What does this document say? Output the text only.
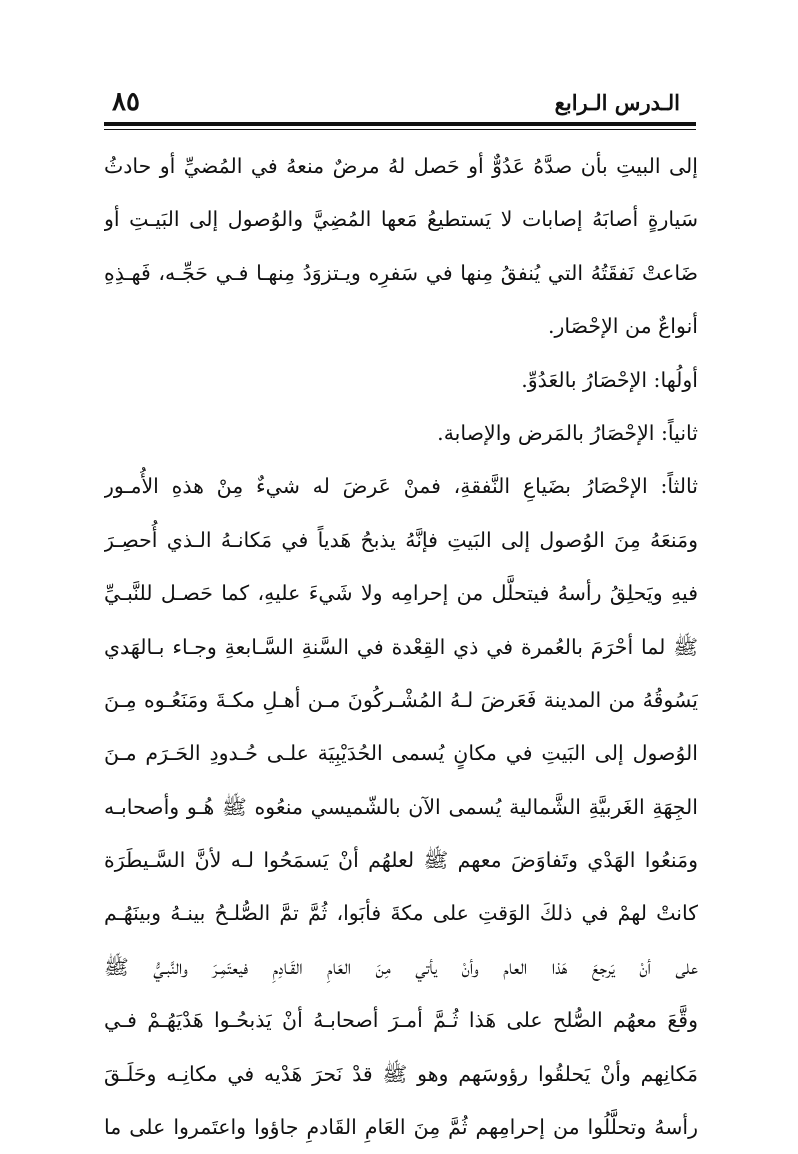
٨٥	الـدرس الـرابع
إلى البيتِ بأن صدَّهُ عَدُوٌّ أو حَصل لهُ مرضٌ منعهُ في المُضيِّ أو حادثُ
سَيارةٍ أصابَهُ إصابات لا يَستطيعُ مَعها المُضِيَّ والوُصول إلى البَيـتِ أو
ضَاعتْ نَفقَتُهُ التي يُنفقُ مِنها في سَفرِه ويـتزوَدُ مِنهـا فـي حَجِّـه، فَهـذِهِ
أنواعٌ من الإحْصَار.
أولُها: الإحْصَارُ بالعَدُوِّ.
ثانياً: الإحْصَارُ بالمَرض والإصابة.
ثالثاً: الإحْصَارُ بضَياعِ النَّفقةِ، فمنْ عَرضَ له شيءٌ مِنْ هذهِ الأُمـور
ومَنعَهُ مِنَ الوُصول إلى البَيتِ فإنَّهُ يذبحُ هَدياً في مَكانـهُ الـذي أُحصِـرَ
فيهِ ويَحلِقُ رأسهُ فيتحلَّل من إحرامِه ولا شَيءَ عليهِ، كما حَصـل للنَّبـيِّ
ﷺ لما أحْرَمَ بالعُمرة في ذي القِعْدة في السَّنةِ السَّـابعةِ وجـاء بـالهَدي
يَسُوقُهُ من المدينة فَعَرضَ لـهُ المُشْـركُونَ مـن أهـلِ مكـةَ ومَنَعُـوه مِـنَ
الوُصول إلى البَيتِ في مكانٍ يُسمى الحُدَيْبِيَة علـى حُـدودِ الحَـرَم مـنَ
الجِهَةِ الغَربيَّةِ الشَّمالية يُسمى الآن بالشّميسي منعُوه ﷺ هُـو وأصحابـه
ومَنعُوا الهَدْي وتَفاوَضَ معهم ﷺ لعلهُم أنْ يَسمَحُوا لـه لأنَّ السَّـيطَرَة
كانتْ لهمْ في ذلكَ الوَقتِ على مكةَ فأبَوا، ثُمَّ تمَّ الصُّلـحُ بينـهُ وبينَهُـم
على أنْ يَرجعَ هَذا العام وأنْ يأتي مِنَ العَامِ القَـادِمِ فيعتَمِـرَ والنَّبـيُّ ﷺ
وقَّعَ معهُم الصُّلح على هَذا ثُـمَّ أمـرَ أصحابـهُ أنْ يَذبحُـوا هَدْيَهُـمْ فـي
مَكانِهم وأنْ يَحلقُوا رؤوسَهم وهو ﷺ قدْ نَحرَ هَدْيه في مكانِـه وحَلَـقَ
رأسهُ وتحلَّلُوا من إحرامِهم ثُمَّ مِنَ العَامِ القَادمِ جاؤوا واعتَمروا على ما
